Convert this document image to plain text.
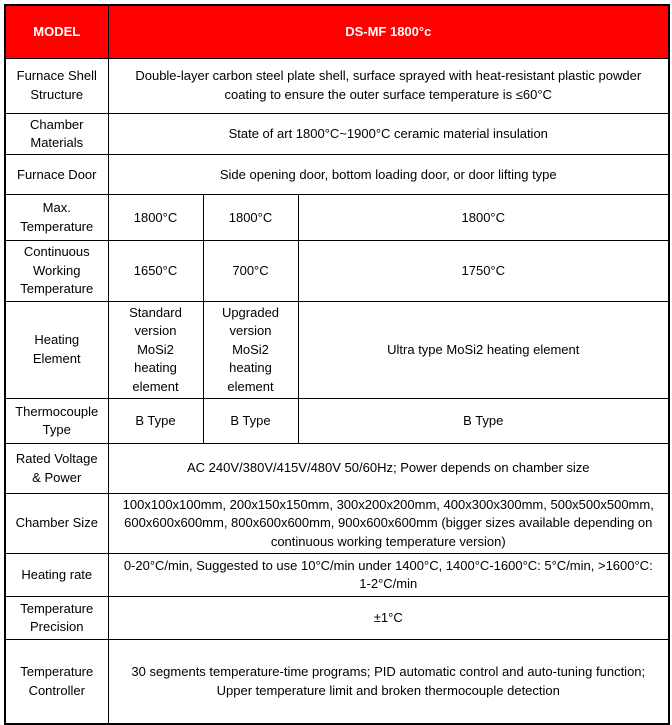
MODEL	DS-MF 1800°c		
Furnace Shell Structure	Double-layer carbon steel plate shell, surface sprayed with heat-resistant plastic powder coating to ensure the outer surface temperature is ≤60°C		
Chamber Materials	State of art 1800°C~1900°C ceramic material insulation		
Furnace Door	Side opening door, bottom loading door, or door lifting type		
Max. Temperature	1800°C	1800°C	1800°C
Continuous Working Temperature	1650°C	700°C	1750°C
Heating Element	Standard version MoSi2 heating element	Upgraded version MoSi2 heating element	Ultra type MoSi2 heating element
Thermocouple Type	B Type	B Type	B Type
Rated Voltage & Power	AC 240V/380V/415V/480V 50/60Hz; Power depends on chamber size		
Chamber Size	100x100x100mm, 200x150x150mm, 300x200x200mm, 400x300x300mm, 500x500x500mm, 600x600x600mm, 800x600x600mm, 900x600x600mm (bigger sizes available depending on continuous working temperature version)		
Heating rate	0-20°C/min, Suggested to use 10°C/min under 1400°C, 1400°C-1600°C: 5°C/min, >1600°C: 1-2°C/min		
Temperature Precision	±1°C		
Temperature Controller	30 segments temperature-time programs; PID automatic control and auto-tuning function; Upper temperature limit and broken thermocouple detection		
